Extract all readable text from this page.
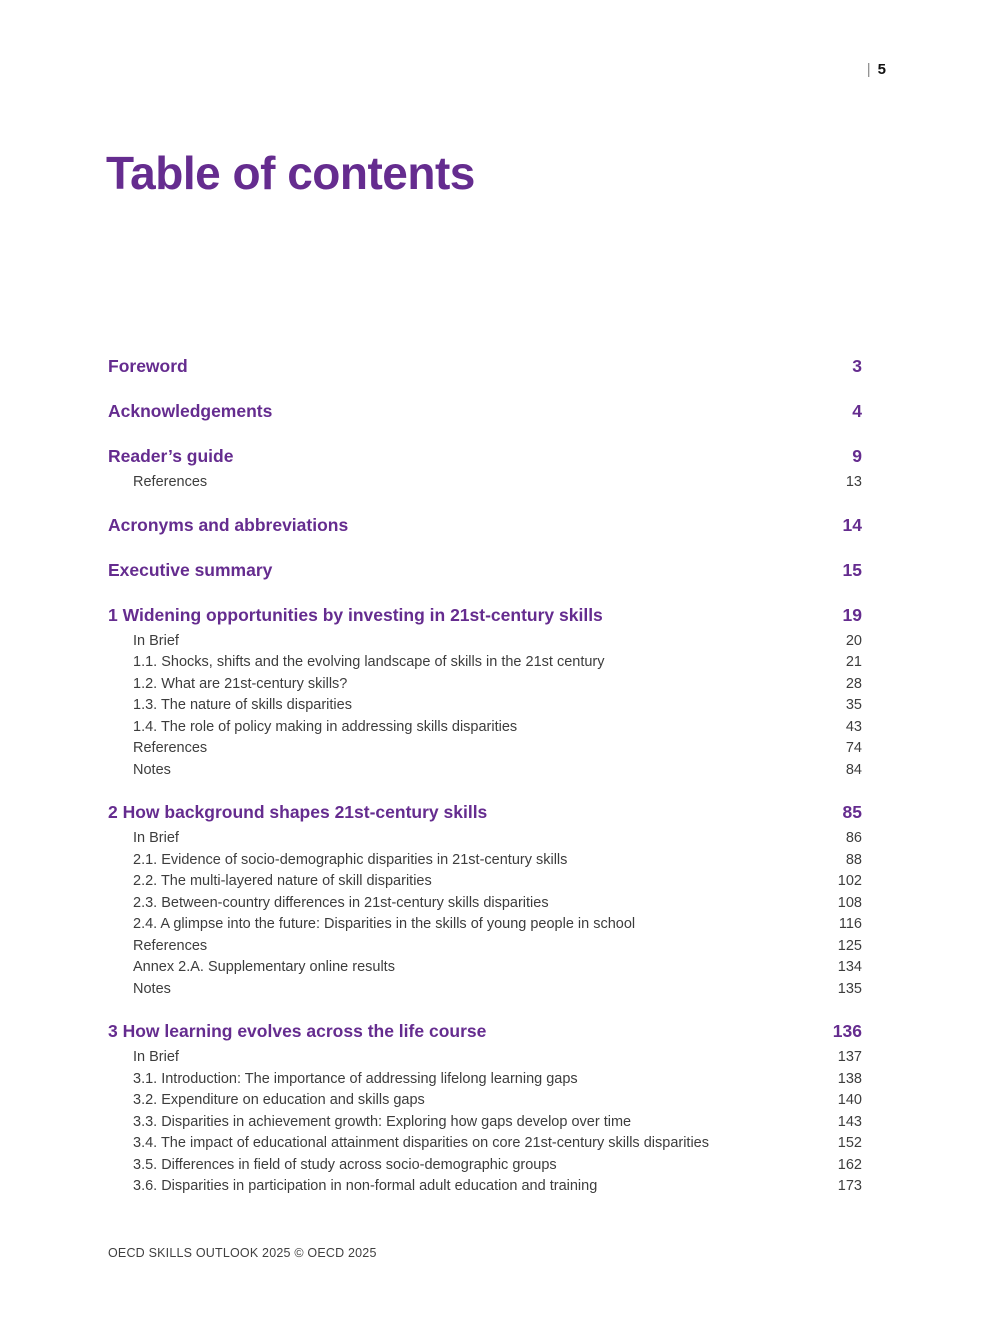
| 5
Table of contents
Foreword	3
Acknowledgements	4
Reader’s guide	9
References	13
Acronyms and abbreviations	14
Executive summary	15
1 Widening opportunities by investing in 21st-century skills	19
In Brief	20
1.1. Shocks, shifts and the evolving landscape of skills in the 21st century	21
1.2. What are 21st-century skills?	28
1.3. The nature of skills disparities	35
1.4. The role of policy making in addressing skills disparities	43
References	74
Notes	84
2 How background shapes 21st-century skills	85
In Brief	86
2.1. Evidence of socio-demographic disparities in 21st-century skills	88
2.2. The multi-layered nature of skill disparities	102
2.3. Between-country differences in 21st-century skills disparities	108
2.4. A glimpse into the future: Disparities in the skills of young people in school	116
References	125
Annex 2.A. Supplementary online results	134
Notes	135
3 How learning evolves across the life course	136
In Brief	137
3.1. Introduction: The importance of addressing lifelong learning gaps	138
3.2. Expenditure on education and skills gaps	140
3.3. Disparities in achievement growth: Exploring how gaps develop over time	143
3.4. The impact of educational attainment disparities on core 21st-century skills disparities	152
3.5. Differences in field of study across socio-demographic groups	162
3.6. Disparities in participation in non-formal adult education and training	173
OECD SKILLS OUTLOOK 2025 © OECD 2025
